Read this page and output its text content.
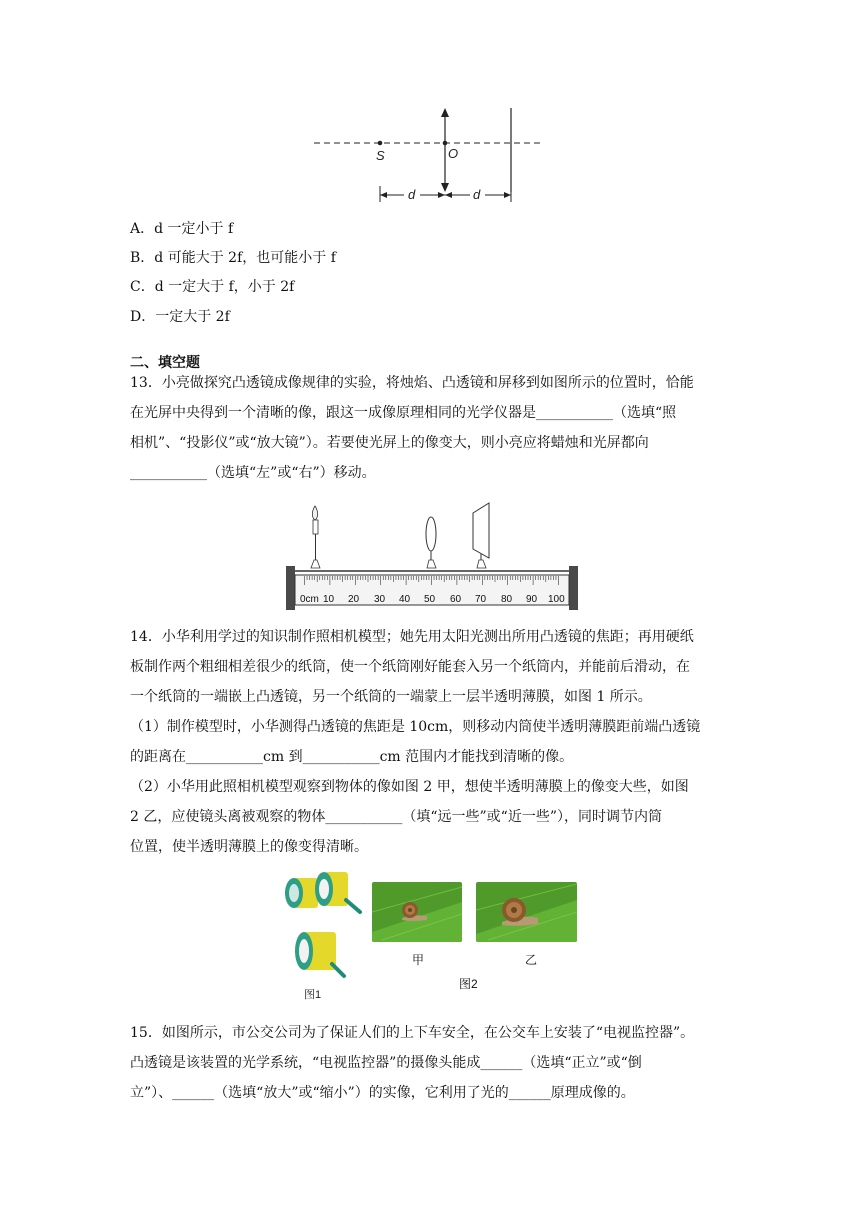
S	O
d	d
A．d 一定小于 f
B．d 可能大于 2f，也可能小于 f
C．d 一定大于 f，小于 2f
D．一定大于 2f
二、填空题
13．小亮做探究凸透镜成像规律的实验，将烛焰、凸透镜和屏移到如图所示的位置时，恰能
在光屏中央得到一个清晰的像，跟这一成像原理相同的光学仪器是___________（选填“照
相机”、“投影仪”或“放大镜”）。若要使光屏上的像变大，则小亮应将蜡烛和光屏都向
___________（选填“左”或“右”）移动。
0cm 10 20 30 40 50 60 70 80 90 100
14．小华利用学过的知识制作照相机模型；她先用太阳光测出所用凸透镜的焦距；再用硬纸
板制作两个粗细相差很少的纸筒，使一个纸筒刚好能套入另一个纸筒内，并能前后滑动，在
一个纸筒的一端嵌上凸透镜，另一个纸筒的一端蒙上一层半透明薄膜，如图 1 所示。
（1）制作模型时，小华测得凸透镜的焦距是 10cm，则移动内筒使半透明薄膜距前端凸透镜
的距离在___________cm 到___________cm 范围内才能找到清晰的像。
（2）小华用此照相机模型观察到物体的像如图 2 甲，想使半透明薄膜上的像变大些，如图
2 乙，应使镜头离被观察的物体___________（填“远一些”或“近一些”），同时调节内筒
位置，使半透明薄膜上的像变得清晰。
图1
甲	乙
图2
15．如图所示，市公交公司为了保证人们的上下车安全，在公交车上安装了“电视监控器”。
凸透镜是该装置的光学系统，“电视监控器”的摄像头能成______（选填“正立”或“倒
立”）、______（选填“放大”或“缩小”）的实像，它利用了光的______原理成像的。
